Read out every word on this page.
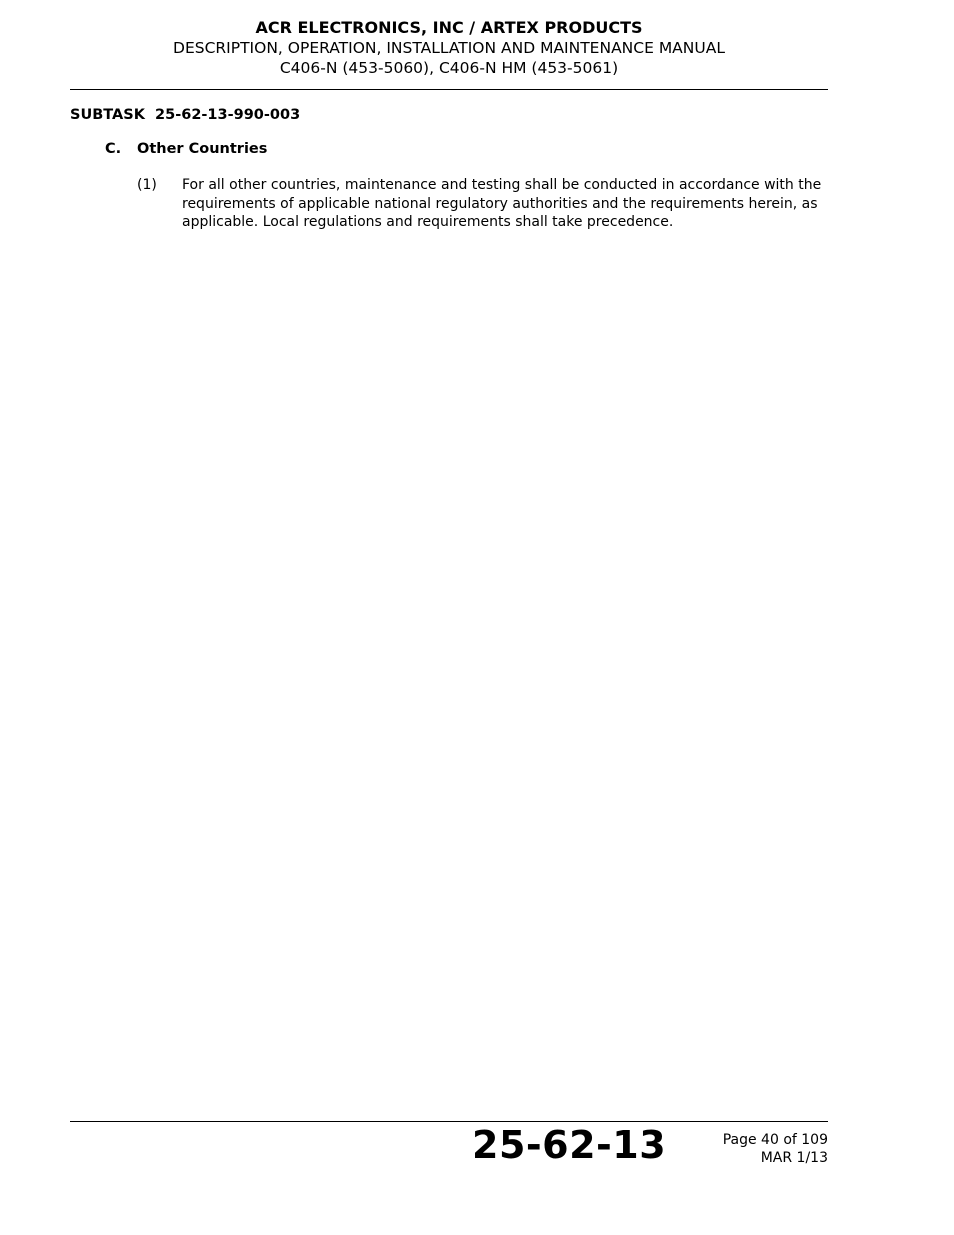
ACR ELECTRONICS, INC / ARTEX PRODUCTS
DESCRIPTION, OPERATION, INSTALLATION AND MAINTENANCE MANUAL
C406-N (453-5060), C406-N HM (453-5061)
SUBTASK  25-62-13-990-003
C. Other Countries
(1) For all other countries, maintenance and testing shall be conducted in accordance with the requirements of applicable national regulatory authorities and the requirements herein, as applicable. Local regulations and requirements shall take precedence.
25-62-13	Page 40 of 109
MAR 1/13
